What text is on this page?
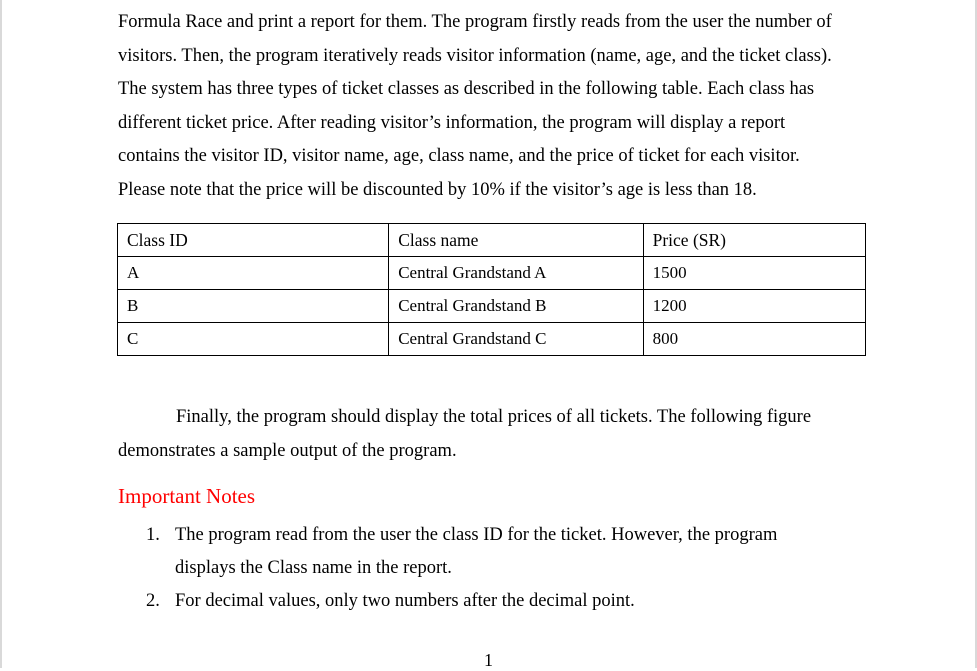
Formula Race and print a report for them. The program firstly reads from the user the number of
visitors. Then, the program iteratively reads visitor information (name, age, and the ticket class).
The system has three types of ticket classes as described in the following table. Each class has
different ticket price. After reading visitor’s information, the program will display a report
contains the visitor ID, visitor name, age, class name, and the price of ticket for each visitor.
Please note that the price will be discounted by 10% if the visitor’s age is less than 18.
Class ID	Class name	Price (SR)
A	Central Grandstand A	1500
B	Central Grandstand B	1200
C	Central Grandstand C	800
Finally, the program should display the total prices of all tickets. The following figure
demonstrates a sample output of the program.
Important Notes
1. The program read from the user the class ID for the ticket. However, the program
displays the Class name in the report.
2. For decimal values, only two numbers after the decimal point.
1
